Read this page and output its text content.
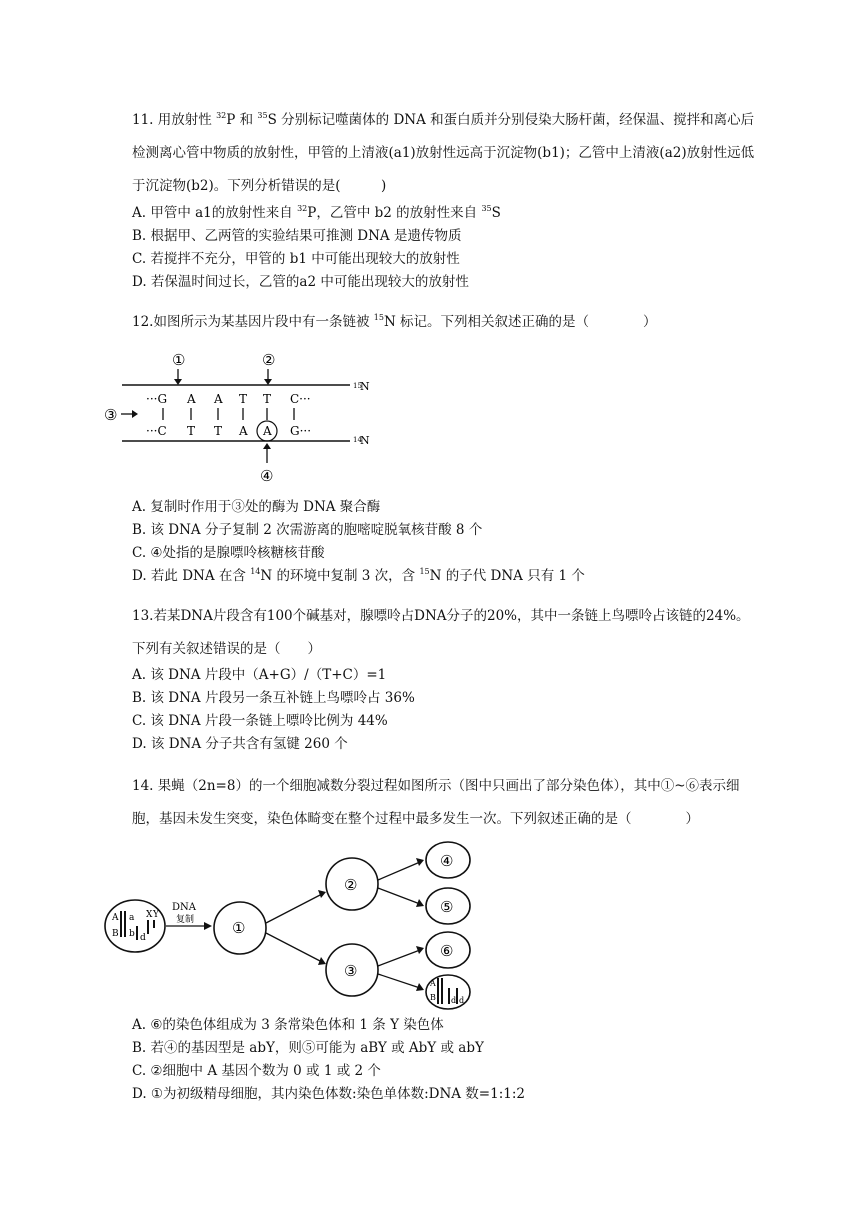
11. 用放射性 $^{32}$P 和 $^{35}$S 分别标记噬菌体的 DNA 和蛋白质并分别侵染大肠杆菌，经保温、搅拌和离心后检测离心管中物质的放射性，甲管的上清液(a1)放射性远高于沉淀物(b1)；乙管中上清液(a2)放射性远低于沉淀物(b2)。下列分析错误的是(　　　)

A. 甲管中 a1的放射性来自 $^{32}$P，乙管中 b2 的放射性来自 $^{35}$S

B. 根据甲、乙两管的实验结果可推测 DNA 是遗传物质

C. 若搅拌不充分，甲管的 b1 中可能出现较大的放射性

D. 若保温时间过长，乙管的a2 中可能出现较大的放射性

12.如图所示为某基因片段中有一条链被 $^{15}$N 标记。下列相关叙述正确的是（　　　　）

①	②
15
N
···G A A T T C···
③
···C T T A A G···
14
N
④

A. 复制时作用于③处的酶为 DNA 聚合酶

B. 该 DNA 分子复制 2 次需游离的胞嘧啶脱氧核苷酸 8 个

C. ④处指的是腺嘌呤核糖核苷酸

D. 若此 DNA 在含 $^{14}$N 的环境中复制 3 次，含 $^{15}$N 的子代 DNA 只有 1 个

13.若某DNA片段含有100个碱基对，腺嘌呤占DNA分子的20%，其中一条链上鸟嘌呤占该链的24%。下列有关叙述错误的是（　　）

A. 该 DNA 片段中（A+G）/（T+C）=1

B. 该 DNA 片段另一条互补链上鸟嘌呤占 36%

C. 该 DNA 片段一条链上嘌呤比例为 44%

D. 该 DNA 分子共含有氢键 260 个

14. 果蝇（2n=8）的一个细胞减数分裂过程如图所示（图中只画出了部分染色体），其中①~⑥表示细胞，基因未发生突变，染色体畸变在整个过程中最多发生一次。下列叙述正确的是（　　　　）

A a
B b d
X Y
DNA
复制	①
②
③
④
⑤
⑥
A
B d d

A. ⑥的染色体组成为 3 条常染色体和 1 条 Y 染色体

B. 若④的基因型是 abY，则⑤可能为 aBY 或 AbY 或 abY

C. ②细胞中 A 基因个数为 0 或 1 或 2 个

D. ①为初级精母细胞，其内染色体数:染色单体数:DNA 数=1:1:2
